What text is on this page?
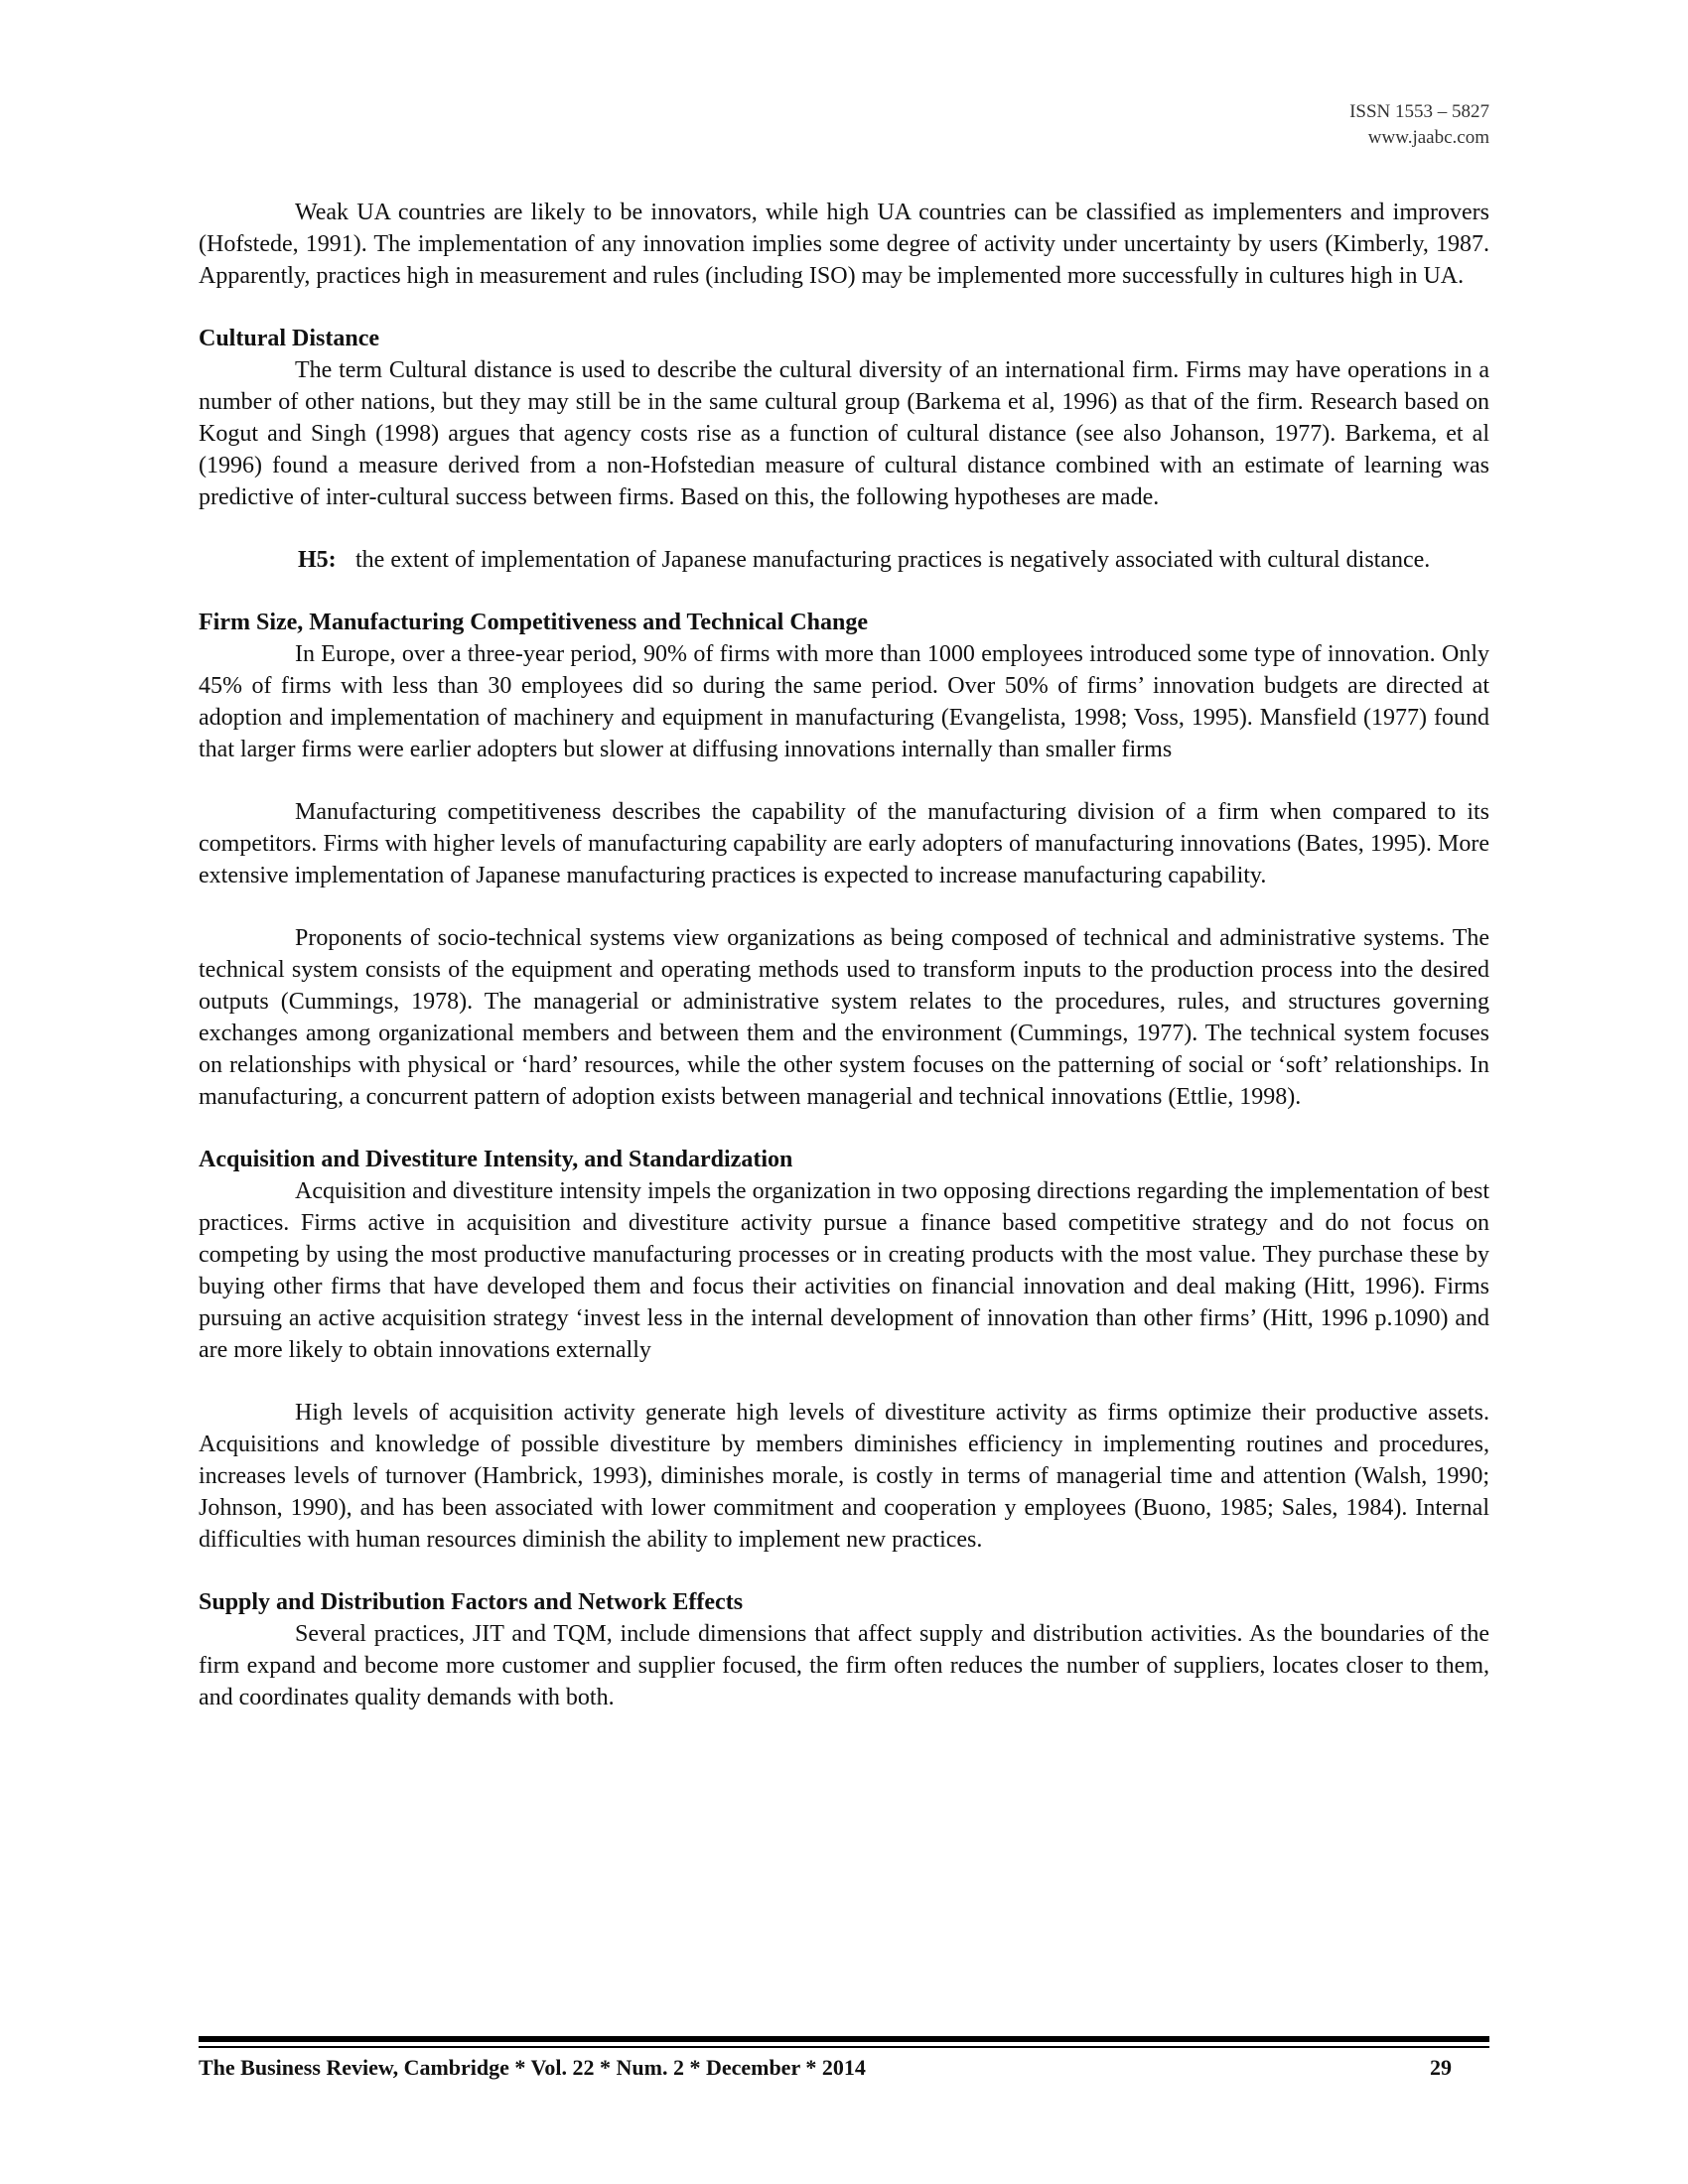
ISSN 1553 – 5827
www.jaabc.com

Weak UA countries are likely to be innovators, while high UA countries can be classified as implementers and improvers (Hofstede, 1991). The implementation of any innovation implies some degree of activity under uncertainty by users (Kimberly, 1987. Apparently, practices high in measurement and rules (including ISO) may be implemented more successfully in cultures high in UA.

Cultural Distance

The term Cultural distance is used to describe the cultural diversity of an international firm. Firms may have operations in a number of other nations, but they may still be in the same cultural group (Barkema et al, 1996) as that of the firm. Research based on Kogut and Singh (1998) argues that agency costs rise as a function of cultural distance (see also Johanson, 1977). Barkema, et al (1996) found a measure derived from a non-Hofstedian measure of cultural distance combined with an estimate of learning was predictive of inter-cultural success between firms. Based on this, the following hypotheses are made.

H5: the extent of implementation of Japanese manufacturing practices is negatively associated with cultural distance.
Firm Size, Manufacturing Competitiveness and Technical Change

In Europe, over a three-year period, 90% of firms with more than 1000 employees introduced some type of innovation. Only 45% of firms with less than 30 employees did so during the same period. Over 50% of firms’ innovation budgets are directed at adoption and implementation of machinery and equipment in manufacturing (Evangelista, 1998; Voss, 1995). Mansfield (1977) found that larger firms were earlier adopters but slower at diffusing innovations internally than smaller firms

Manufacturing competitiveness describes the capability of the manufacturing division of a firm when compared to its competitors. Firms with higher levels of manufacturing capability are early adopters of manufacturing innovations (Bates, 1995). More extensive implementation of Japanese manufacturing practices is expected to increase manufacturing capability.

Proponents of socio-technical systems view organizations as being composed of technical and administrative systems. The technical system consists of the equipment and operating methods used to transform inputs to the production process into the desired outputs (Cummings, 1978). The managerial or administrative system relates to the procedures, rules, and structures governing exchanges among organizational members and between them and the environment (Cummings, 1977). The technical system focuses on relationships with physical or ‘hard’ resources, while the other system focuses on the patterning of social or ‘soft’ relationships. In manufacturing, a concurrent pattern of adoption exists between managerial and technical innovations (Ettlie, 1998).

Acquisition and Divestiture Intensity, and Standardization

Acquisition and divestiture intensity impels the organization in two opposing directions regarding the implementation of best practices. Firms active in acquisition and divestiture activity pursue a finance based competitive strategy and do not focus on competing by using the most productive manufacturing processes or in creating products with the most value. They purchase these by buying other firms that have developed them and focus their activities on financial innovation and deal making (Hitt, 1996). Firms pursuing an active acquisition strategy ‘invest less in the internal development of innovation than other firms’ (Hitt, 1996 p.1090) and are more likely to obtain innovations externally

High levels of acquisition activity generate high levels of divestiture activity as firms optimize their productive assets. Acquisitions and knowledge of possible divestiture by members diminishes efficiency in implementing routines and procedures, increases levels of turnover (Hambrick, 1993), diminishes morale, is costly in terms of managerial time and attention (Walsh, 1990; Johnson, 1990), and has been associated with lower commitment and cooperation y employees (Buono, 1985; Sales, 1984). Internal difficulties with human resources diminish the ability to implement new practices.

Supply and Distribution Factors and Network Effects

Several practices, JIT and TQM, include dimensions that affect supply and distribution activities. As the boundaries of the firm expand and become more customer and supplier focused, the firm often reduces the number of suppliers, locates closer to them, and coordinates quality demands with both.

The Business Review, Cambridge * Vol. 22 * Num. 2 * December * 2014	29
